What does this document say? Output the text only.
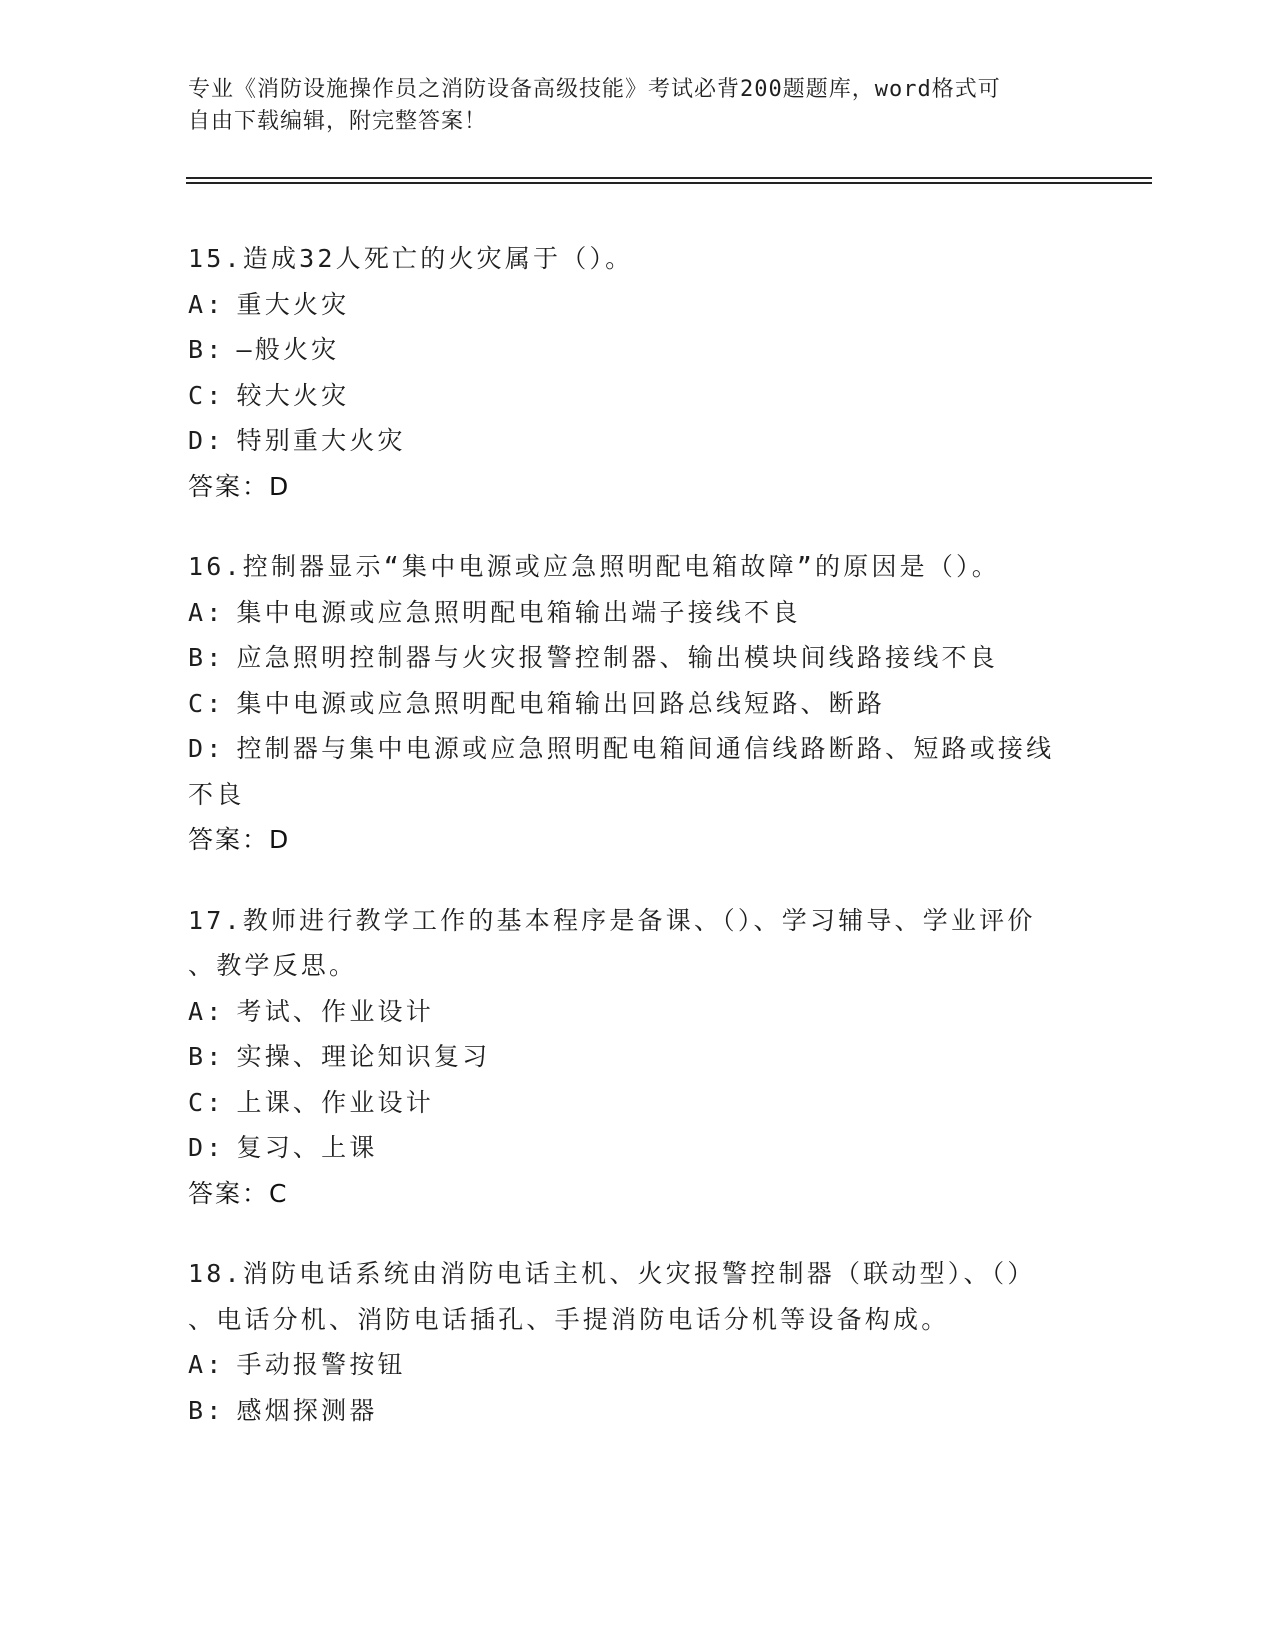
专业《消防设施操作员之消防设备高级技能》考试必背200题题库，word格式可
自由下载编辑，附完整答案！
15.造成32人死亡的火灾属于（）。
A: 重大火灾
B: —般火灾
C: 较大火灾
D: 特别重大火灾
答案：D
16.控制器显示“集中电源或应急照明配电箱故障”的原因是（）。
A: 集中电源或应急照明配电箱输出端子接线不良
B: 应急照明控制器与火灾报警控制器、输出模块间线路接线不良
C: 集中电源或应急照明配电箱输出回路总线短路、断路
D: 控制器与集中电源或应急照明配电箱间通信线路断路、短路或接线
不良
答案：D
17.教师进行教学工作的基本程序是备课、（）、学习辅导、学业评价
、教学反思。
A: 考试、作业设计
B: 实操、理论知识复习
C: 上课、作业设计
D: 复习、上课
答案：C
18.消防电话系统由消防电话主机、火灾报警控制器（联动型）、（）
、电话分机、消防电话插孔、手提消防电话分机等设备构成。
A: 手动报警按钮
B: 感烟探测器
